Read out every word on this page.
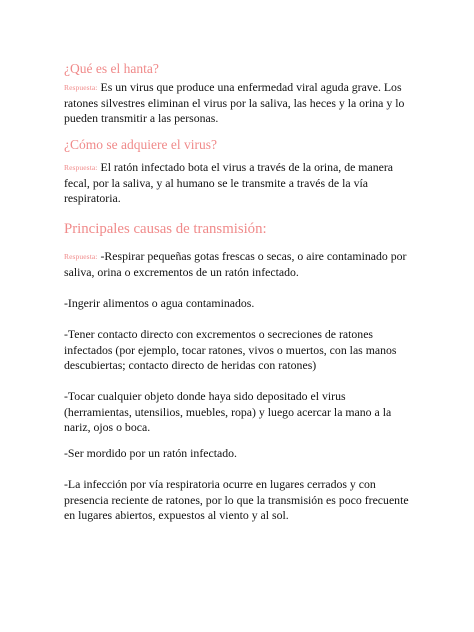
¿Qué es el hanta?

Respuesta: Es un virus que produce una enfermedad viral aguda grave. Los ratones silvestres eliminan el virus por la saliva, las heces y la orina y lo pueden transmitir a las personas.

¿Cómo se adquiere el virus?

Respuesta: El ratón infectado bota el virus a través de la orina, de manera fecal, por la saliva, y al humano se le transmite a través de la vía respiratoria.

Principales causas de transmisión:

Respuesta: -Respirar pequeñas gotas frescas o secas, o aire contaminado por saliva, orina o excrementos de un ratón infectado.

-Ingerir alimentos o agua contaminados.

-Tener contacto directo con excrementos o secreciones de ratones infectados (por ejemplo, tocar ratones, vivos o muertos, con las manos descubiertas; contacto directo de heridas con ratones)

-Tocar cualquier objeto donde haya sido depositado el virus (herramientas, utensilios, muebles, ropa) y luego acercar la mano a la nariz, ojos o boca.

-Ser mordido por un ratón infectado.

-La infección por vía respiratoria ocurre en lugares cerrados y con presencia reciente de ratones, por lo que la transmisión es poco frecuente en lugares abiertos, expuestos al viento y al sol.
